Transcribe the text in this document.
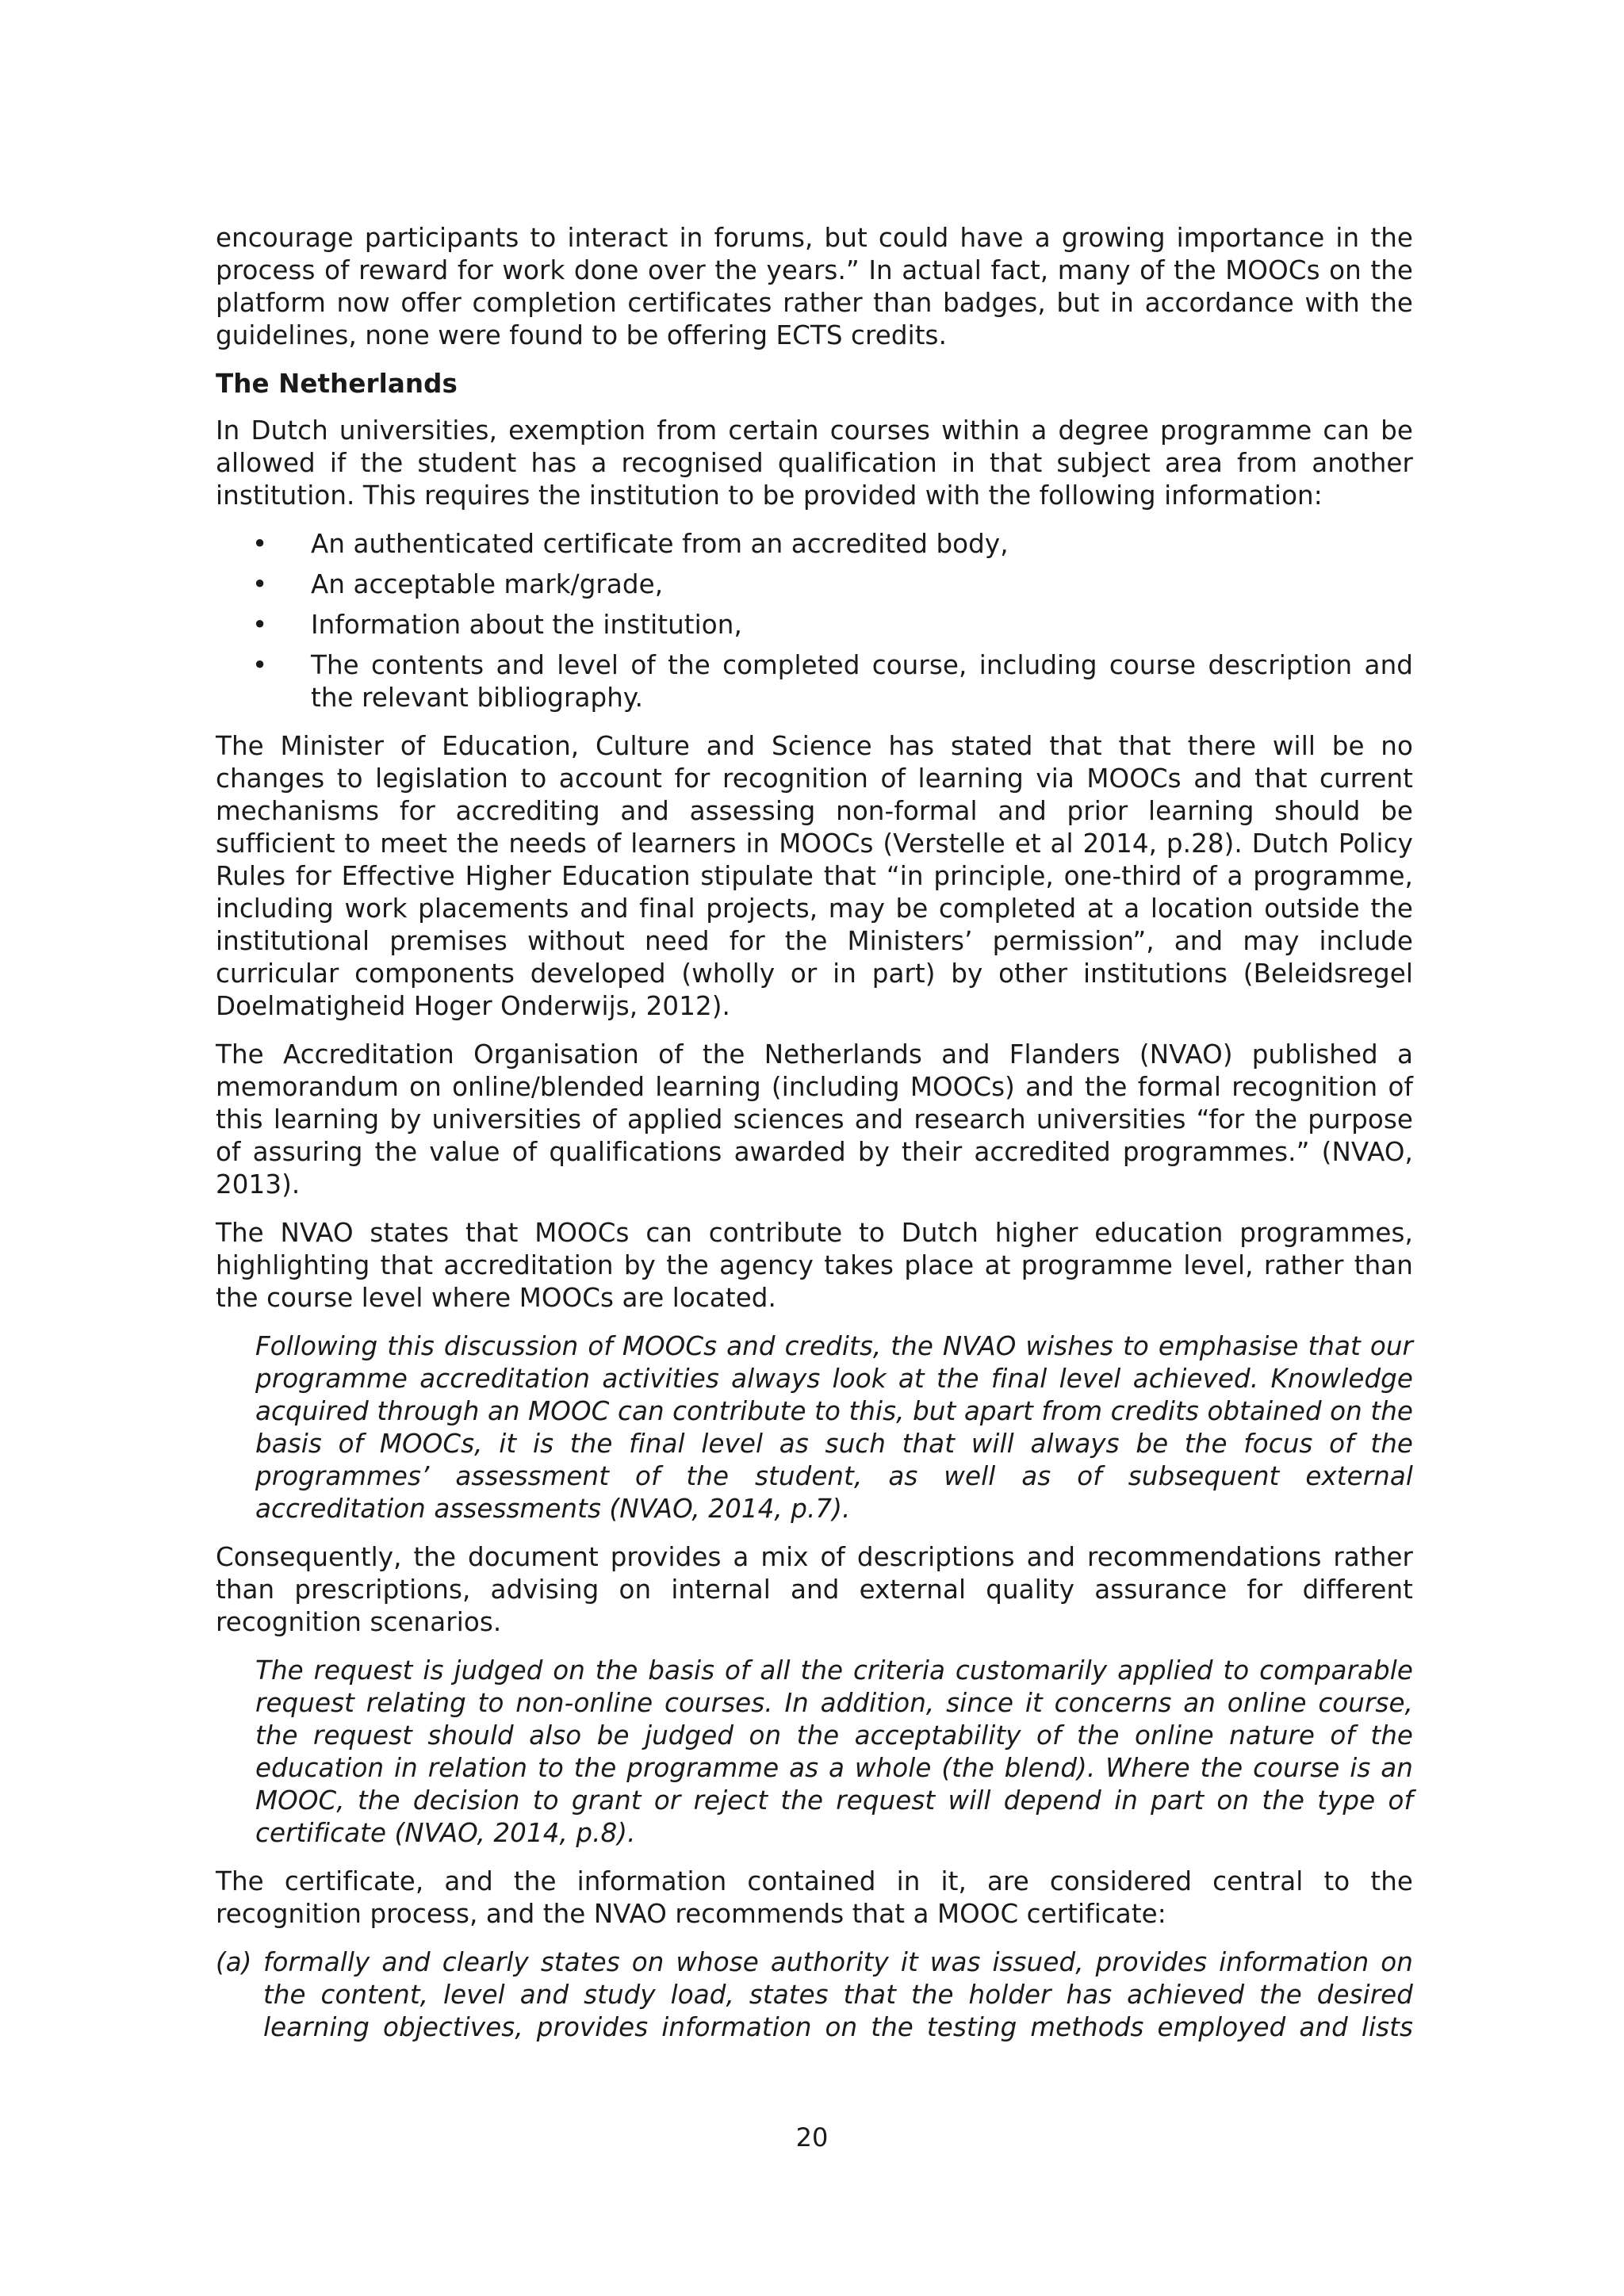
encourage participants to interact in forums, but could have a growing importance in the process of reward for work done over the years.” In actual fact, many of the MOOCs on the platform now offer completion certificates rather than badges, but in accordance with the guidelines, none were found to be offering ECTS credits.

The Netherlands

In Dutch universities, exemption from certain courses within a degree programme can be allowed if the student has a recognised qualification in that subject area from another institution. This requires the institution to be provided with the following information:

• An authenticated certificate from an accredited body,
• An acceptable mark/grade,
• Information about the institution,
• The contents and level of the completed course, including course description and the relevant bibliography.

The Minister of Education, Culture and Science has stated that that there will be no changes to legislation to account for recognition of learning via MOOCs and that current mechanisms for accrediting and assessing non-formal and prior learning should be sufficient to meet the needs of learners in MOOCs (Verstelle et al 2014, p.28). Dutch Policy Rules for Effective Higher Education stipulate that “in principle, one-third of a programme, including work placements and final projects, may be completed at a location outside the institutional premises without need for the Ministers’ permission”, and may include curricular components developed (wholly or in part) by other institutions (Beleidsregel Doelmatigheid Hoger Onderwijs, 2012).

The Accreditation Organisation of the Netherlands and Flanders (NVAO) published a memorandum on online/blended learning (including MOOCs) and the formal recognition of this learning by universities of applied sciences and research universities “for the purpose of assuring the value of qualifications awarded by their accredited programmes.” (NVAO, 2013).

The NVAO states that MOOCs can contribute to Dutch higher education programmes, highlighting that accreditation by the agency takes place at programme level, rather than the course level where MOOCs are located.

Following this discussion of MOOCs and credits, the NVAO wishes to emphasise that our programme accreditation activities always look at the final level achieved. Knowledge acquired through an MOOC can contribute to this, but apart from credits obtained on the basis of MOOCs, it is the final level as such that will always be the focus of the programmes’ assessment of the student, as well as of subsequent external accreditation assessments (NVAO, 2014, p.7).

Consequently, the document provides a mix of descriptions and recommendations rather than prescriptions, advising on internal and external quality assurance for different recognition scenarios.

The request is judged on the basis of all the criteria customarily applied to comparable request relating to non-online courses. In addition, since it concerns an online course, the request should also be judged on the acceptability of the online nature of the education in relation to the programme as a whole (the blend). Where the course is an MOOC, the decision to grant or reject the request will depend in part on the type of certificate (NVAO, 2014, p.8).

The certificate, and the information contained in it, are considered central to the recognition process, and the NVAO recommends that a MOOC certificate:

(a) formally and clearly states on whose authority it was issued, provides information on the content, level and study load, states that the holder has achieved the desired learning objectives, provides information on the testing methods employed and lists

20
